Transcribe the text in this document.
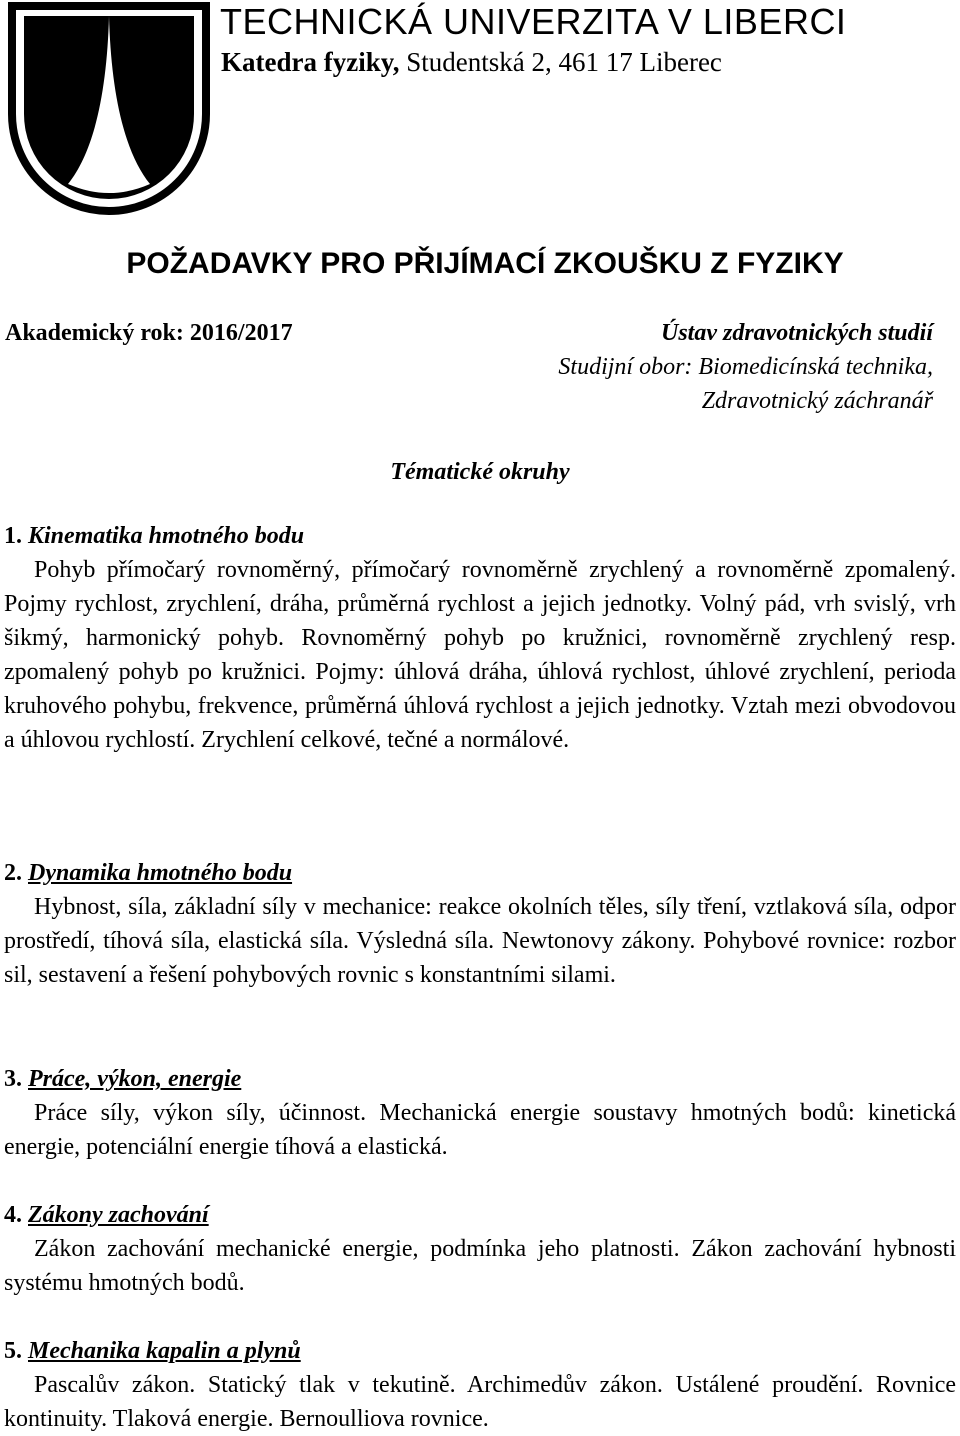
TECHNICKÁ UNIVERZITA V LIBERCI
Katedra fyziky, Studentská 2, 461 17 Liberec
POŽADAVKY PRO PŘIJÍMACÍ ZKOUŠKU Z FYZIKY
Akademický rok: 2016/2017	Ústav zdravotnických studií
Studijní obor: Biomedicínská technika,
Zdravotnický záchranář
Tématické okruhy
1. Kinematika hmotného bodu
Pohyb přímočarý rovnoměrný, přímočarý rovnoměrně zrychlený a rovnoměrně zpomalený. Pojmy rychlost, zrychlení, dráha, průměrná rychlost a jejich jednotky. Volný pád, vrh svislý, vrh šikmý, harmonický pohyb. Rovnoměrný pohyb po kružnici, rovnoměrně zrychlený resp. zpomalený pohyb po kružnici. Pojmy: úhlová dráha, úhlová rychlost, úhlové zrychlení, perioda kruhového pohybu, frekvence, průměrná úhlová rychlost a jejich jednotky. Vztah mezi obvodovou a úhlovou rychlostí. Zrychlení celkové, tečné a normálové.
2. Dynamika hmotného bodu
Hybnost, síla, základní síly v mechanice: reakce okolních těles, síly tření, vztlaková síla, odpor prostředí, tíhová síla, elastická síla. Výsledná síla. Newtonovy zákony. Pohybové rovnice: rozbor sil, sestavení a řešení pohybových rovnic s konstantními silami.
3. Práce, výkon, energie
Práce síly, výkon síly, účinnost. Mechanická energie soustavy hmotných bodů: kinetická energie, potenciální energie tíhová a elastická.
4. Zákony zachování
Zákon zachování mechanické energie, podmínka jeho platnosti. Zákon zachování hybnosti systému hmotných bodů.
5. Mechanika kapalin a plynů
Pascalův zákon. Statický tlak v tekutině. Archimedův zákon. Ustálené proudění. Rovnice kontinuity. Tlaková energie. Bernoulliova rovnice.
